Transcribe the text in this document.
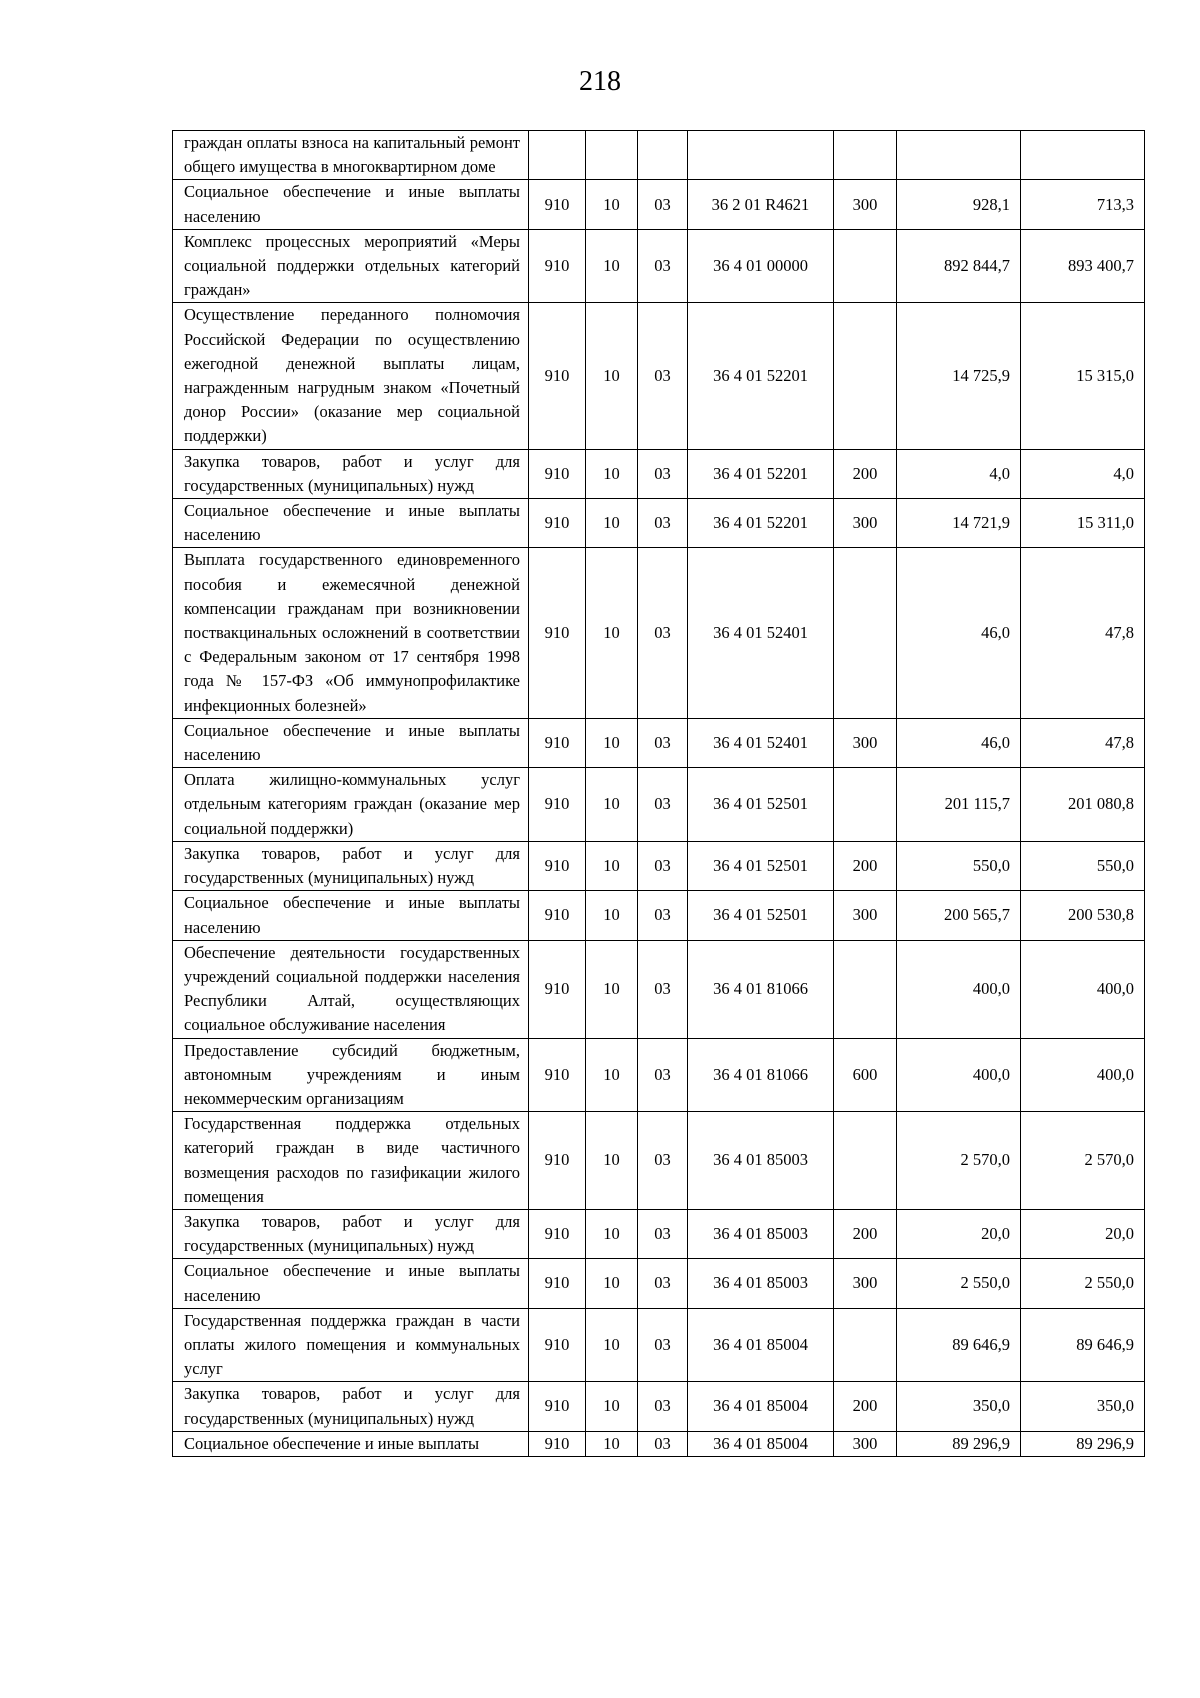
218
граждан оплаты взноса на капитальный ремонт общего имущества в многоквартирном доме							
Социальное обеспечение и иные выплаты населению	910	10	03	36 2 01 R4621	300	928,1	713,3
Комплекс процессных мероприятий «Меры социальной поддержки отдельных категорий граждан»	910	10	03	36 4 01 00000		892 844,7	893 400,7
Осуществление переданного полномочия Российской Федерации по осуществлению ежегодной денежной выплаты лицам, награжденным нагрудным знаком «Почетный донор России» (оказание мер социальной поддержки)	910	10	03	36 4 01 52201		14 725,9	15 315,0
Закупка товаров, работ и услуг для государственных (муниципальных) нужд	910	10	03	36 4 01 52201	200	4,0	4,0
Социальное обеспечение и иные выплаты населению	910	10	03	36 4 01 52201	300	14 721,9	15 311,0
Выплата государственного единовременного пособия и ежемесячной денежной компенсации гражданам при возникновении поствакцинальных осложнений в соответствии с Федеральным законом от 17 сентября 1998 года № 157-ФЗ «Об иммунопрофилактике инфекционных болезней»	910	10	03	36 4 01 52401		46,0	47,8
Социальное обеспечение и иные выплаты населению	910	10	03	36 4 01 52401	300	46,0	47,8
Оплата жилищно-коммунальных услуг отдельным категориям граждан (оказание мер социальной поддержки)	910	10	03	36 4 01 52501		201 115,7	201 080,8
Закупка товаров, работ и услуг для государственных (муниципальных) нужд	910	10	03	36 4 01 52501	200	550,0	550,0
Социальное обеспечение и иные выплаты населению	910	10	03	36 4 01 52501	300	200 565,7	200 530,8
Обеспечение деятельности государственных учреждений социальной поддержки населения Республики Алтай, осуществляющих социальное обслуживание населения	910	10	03	36 4 01 81066		400,0	400,0
Предоставление субсидий бюджетным, автономным учреждениям и иным некоммерческим организациям	910	10	03	36 4 01 81066	600	400,0	400,0
Государственная поддержка отдельных категорий граждан в виде частичного возмещения расходов по газификации жилого помещения	910	10	03	36 4 01 85003		2 570,0	2 570,0
Закупка товаров, работ и услуг для государственных (муниципальных) нужд	910	10	03	36 4 01 85003	200	20,0	20,0
Социальное обеспечение и иные выплаты населению	910	10	03	36 4 01 85003	300	2 550,0	2 550,0
Государственная поддержка граждан в части оплаты жилого помещения и коммунальных услуг	910	10	03	36 4 01 85004		89 646,9	89 646,9
Закупка товаров, работ и услуг для государственных (муниципальных) нужд	910	10	03	36 4 01 85004	200	350,0	350,0
Социальное обеспечение и иные выплаты	910	10	03	36 4 01 85004	300	89 296,9	89 296,9
